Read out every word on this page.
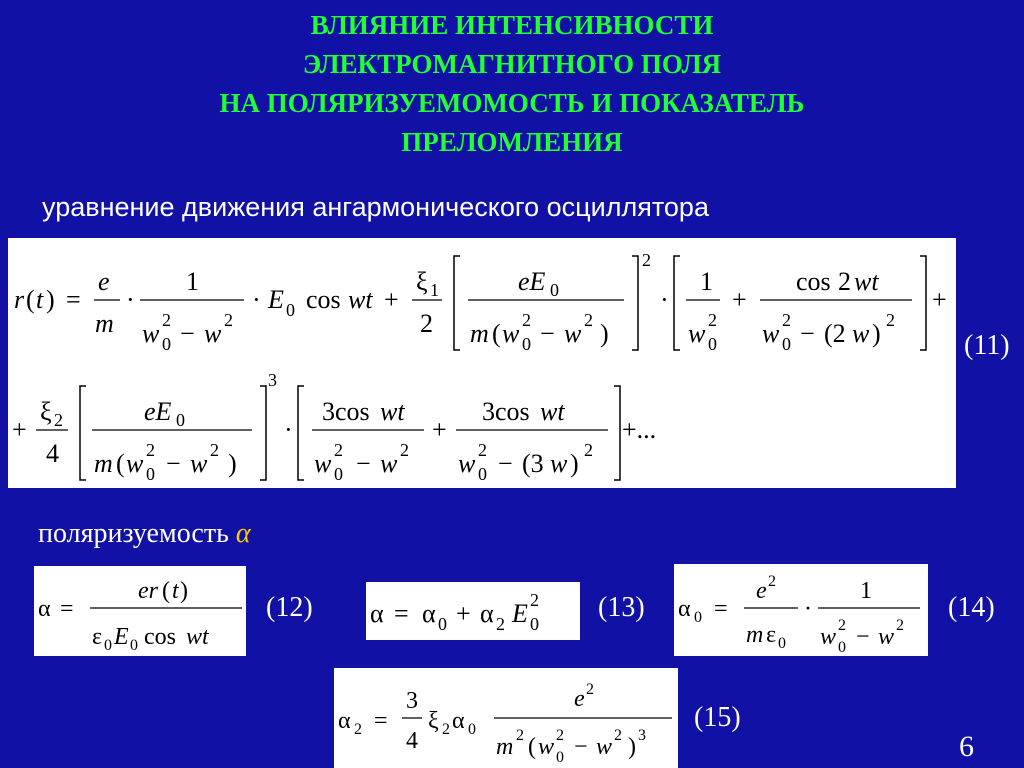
ВЛИЯНИЕ ИНТЕНСИВНОСТИ
ЭЛЕКТРОМАГНИТНОГО ПОЛЯ
НА ПОЛЯРИЗУЕМОМОСТЬ И ПОКАЗАТЕЛЬ
ПРЕЛОМЛЕНИЯ
уравнение движения ангармонического осциллятора
r ( t ) =
e
m
·
1
w 0
2 − w 2
· E 0 cos wt +
ξ 1
2
eE 0
m ( w 0
2 − w 2 )
2
·
1
w 0
2
+
cos 2 wt
w 0
2 − (2 w ) 2
+
+
ξ 2
4
eE 0
m ( w 0
2 − w 2 )
3
·
3cos wt
w 0
2 − w 2
+
3cos wt
w 0
2 − (3 w ) 2
+...
(11)
поляризуемость α
α =
er ( t )
ε 0 E 0 cos wt
(12) α = α 0 + α 2 E 0
2 (13) α 0 =
e 2
m ε 0
·
1
w 0
2 − w 2
(14)
α 2 =
3
4
ξ 2 α 0
e 2
m 2 ( w 0
2 − w 2 ) 3
(15)
6
